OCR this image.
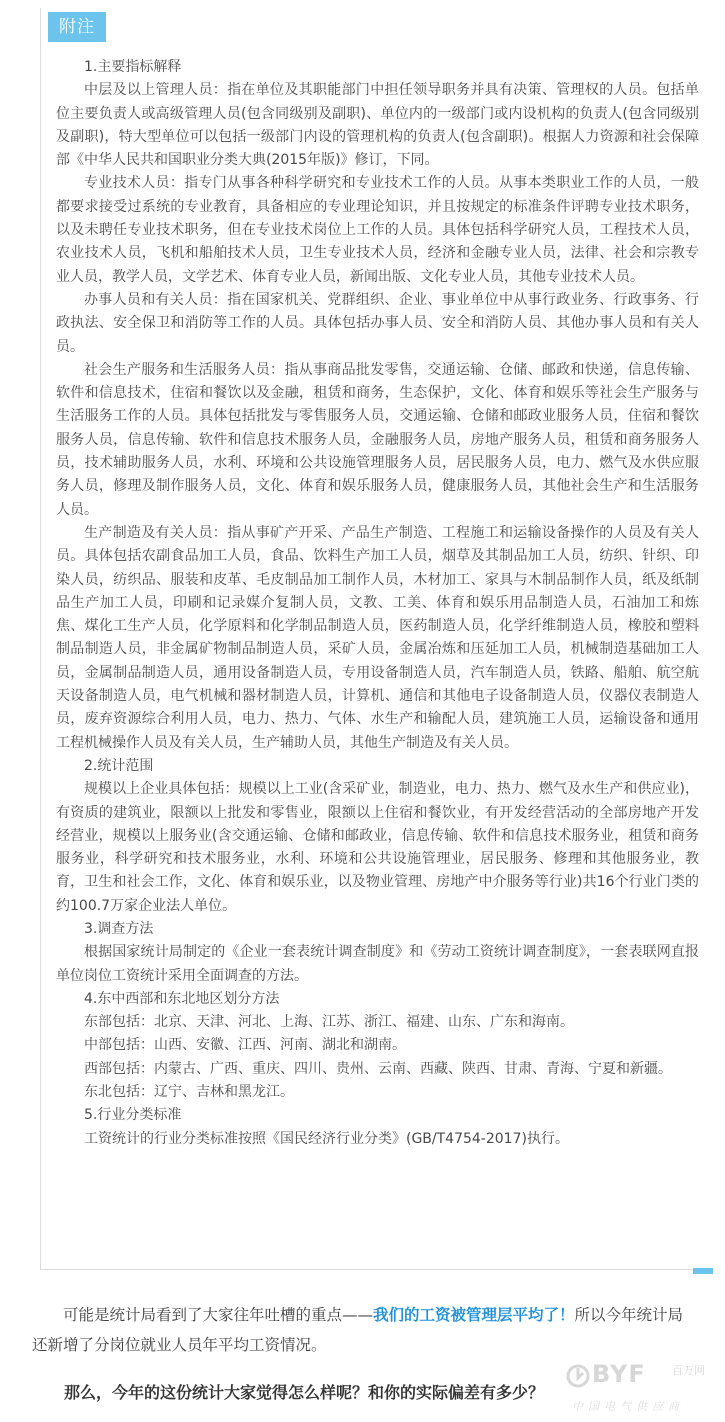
附注

1.主要指标解释

中层及以上管理人员：指在单位及其职能部门中担任领导职务并具有决策、管理权的人员。包括单位主要负责人或高级管理人员(包含同级别及副职)、单位内的一级部门或内设机构的负责人(包含同级别及副职)，特大型单位可以包括一级部门内设的管理机构的负责人(包含副职)。根据人力资源和社会保障部《中华人民共和国职业分类大典(2015年版)》修订，下同。

专业技术人员：指专门从事各种科学研究和专业技术工作的人员。从事本类职业工作的人员，一般都要求接受过系统的专业教育，具备相应的专业理论知识，并且按规定的标准条件评聘专业技术职务，以及未聘任专业技术职务，但在专业技术岗位上工作的人员。具体包括科学研究人员，工程技术人员，农业技术人员，飞机和船舶技术人员，卫生专业技术人员，经济和金融专业人员，法律、社会和宗教专业人员，教学人员，文学艺术、体育专业人员，新闻出版、文化专业人员，其他专业技术人员。

办事人员和有关人员：指在国家机关、党群组织、企业、事业单位中从事行政业务、行政事务、行政执法、安全保卫和消防等工作的人员。具体包括办事人员、安全和消防人员、其他办事人员和有关人员。

社会生产服务和生活服务人员：指从事商品批发零售，交通运输、仓储、邮政和快递，信息传输、软件和信息技术，住宿和餐饮以及金融，租赁和商务，生态保护，文化、体育和娱乐等社会生产服务与生活服务工作的人员。具体包括批发与零售服务人员，交通运输、仓储和邮政业服务人员，住宿和餐饮服务人员，信息传输、软件和信息技术服务人员，金融服务人员，房地产服务人员，租赁和商务服务人员，技术辅助服务人员，水利、环境和公共设施管理服务人员，居民服务人员，电力、燃气及水供应服务人员，修理及制作服务人员，文化、体育和娱乐服务人员，健康服务人员，其他社会生产和生活服务人员。

生产制造及有关人员：指从事矿产开采、产品生产制造、工程施工和运输设备操作的人员及有关人员。具体包括农副食品加工人员，食品、饮料生产加工人员，烟草及其制品加工人员，纺织、针织、印染人员，纺织品、服装和皮革、毛皮制品加工制作人员，木材加工、家具与木制品制作人员，纸及纸制品生产加工人员，印刷和记录媒介复制人员，文教、工美、体育和娱乐用品制造人员，石油加工和炼焦、煤化工生产人员，化学原料和化学制品制造人员，医药制造人员，化学纤维制造人员，橡胶和塑料制品制造人员，非金属矿物制品制造人员，采矿人员，金属冶炼和压延加工人员，机械制造基础加工人员，金属制品制造人员，通用设备制造人员，专用设备制造人员，汽车制造人员，铁路、船舶、航空航天设备制造人员，电气机械和器材制造人员，计算机、通信和其他电子设备制造人员，仪器仪表制造人员，废弃资源综合利用人员，电力、热力、气体、水生产和输配人员，建筑施工人员，运输设备和通用工程机械操作人员及有关人员，生产辅助人员，其他生产制造及有关人员。

2.统计范围

规模以上企业具体包括：规模以上工业(含采矿业，制造业，电力、热力、燃气及水生产和供应业)，有资质的建筑业，限额以上批发和零售业，限额以上住宿和餐饮业，有开发经营活动的全部房地产开发经营业，规模以上服务业(含交通运输、仓储和邮政业，信息传输、软件和信息技术服务业，租赁和商务服务业，科学研究和技术服务业，水利、环境和公共设施管理业，居民服务、修理和其他服务业，教育，卫生和社会工作，文化、体育和娱乐业，以及物业管理、房地产中介服务等行业)共16个行业门类的约100.7万家企业法人单位。

3.调查方法

根据国家统计局制定的《企业一套表统计调查制度》和《劳动工资统计调查制度》，一套表联网直报单位岗位工资统计采用全面调查的方法。

4.东中西部和东北地区划分方法

东部包括：北京、天津、河北、上海、江苏、浙江、福建、山东、广东和海南。

中部包括：山西、安徽、江西、河南、湖北和湖南。

西部包括：内蒙古、广西、重庆、四川、贵州、云南、西藏、陕西、甘肃、青海、宁夏和新疆。

东北包括：辽宁、吉林和黑龙江。

5.行业分类标准

工资统计的行业分类标准按照《国民经济行业分类》(GB/T4754-2017)执行。

可能是统计局看到了大家往年吐槽的重点——我们的工资被管理层平均了！所以今年统计局还新增了分岗位就业人员年平均工资情况。

那么，今年的这份统计大家觉得怎么样呢？和你的实际偏差有多少？

BYF 百万网
中国电气供应商
